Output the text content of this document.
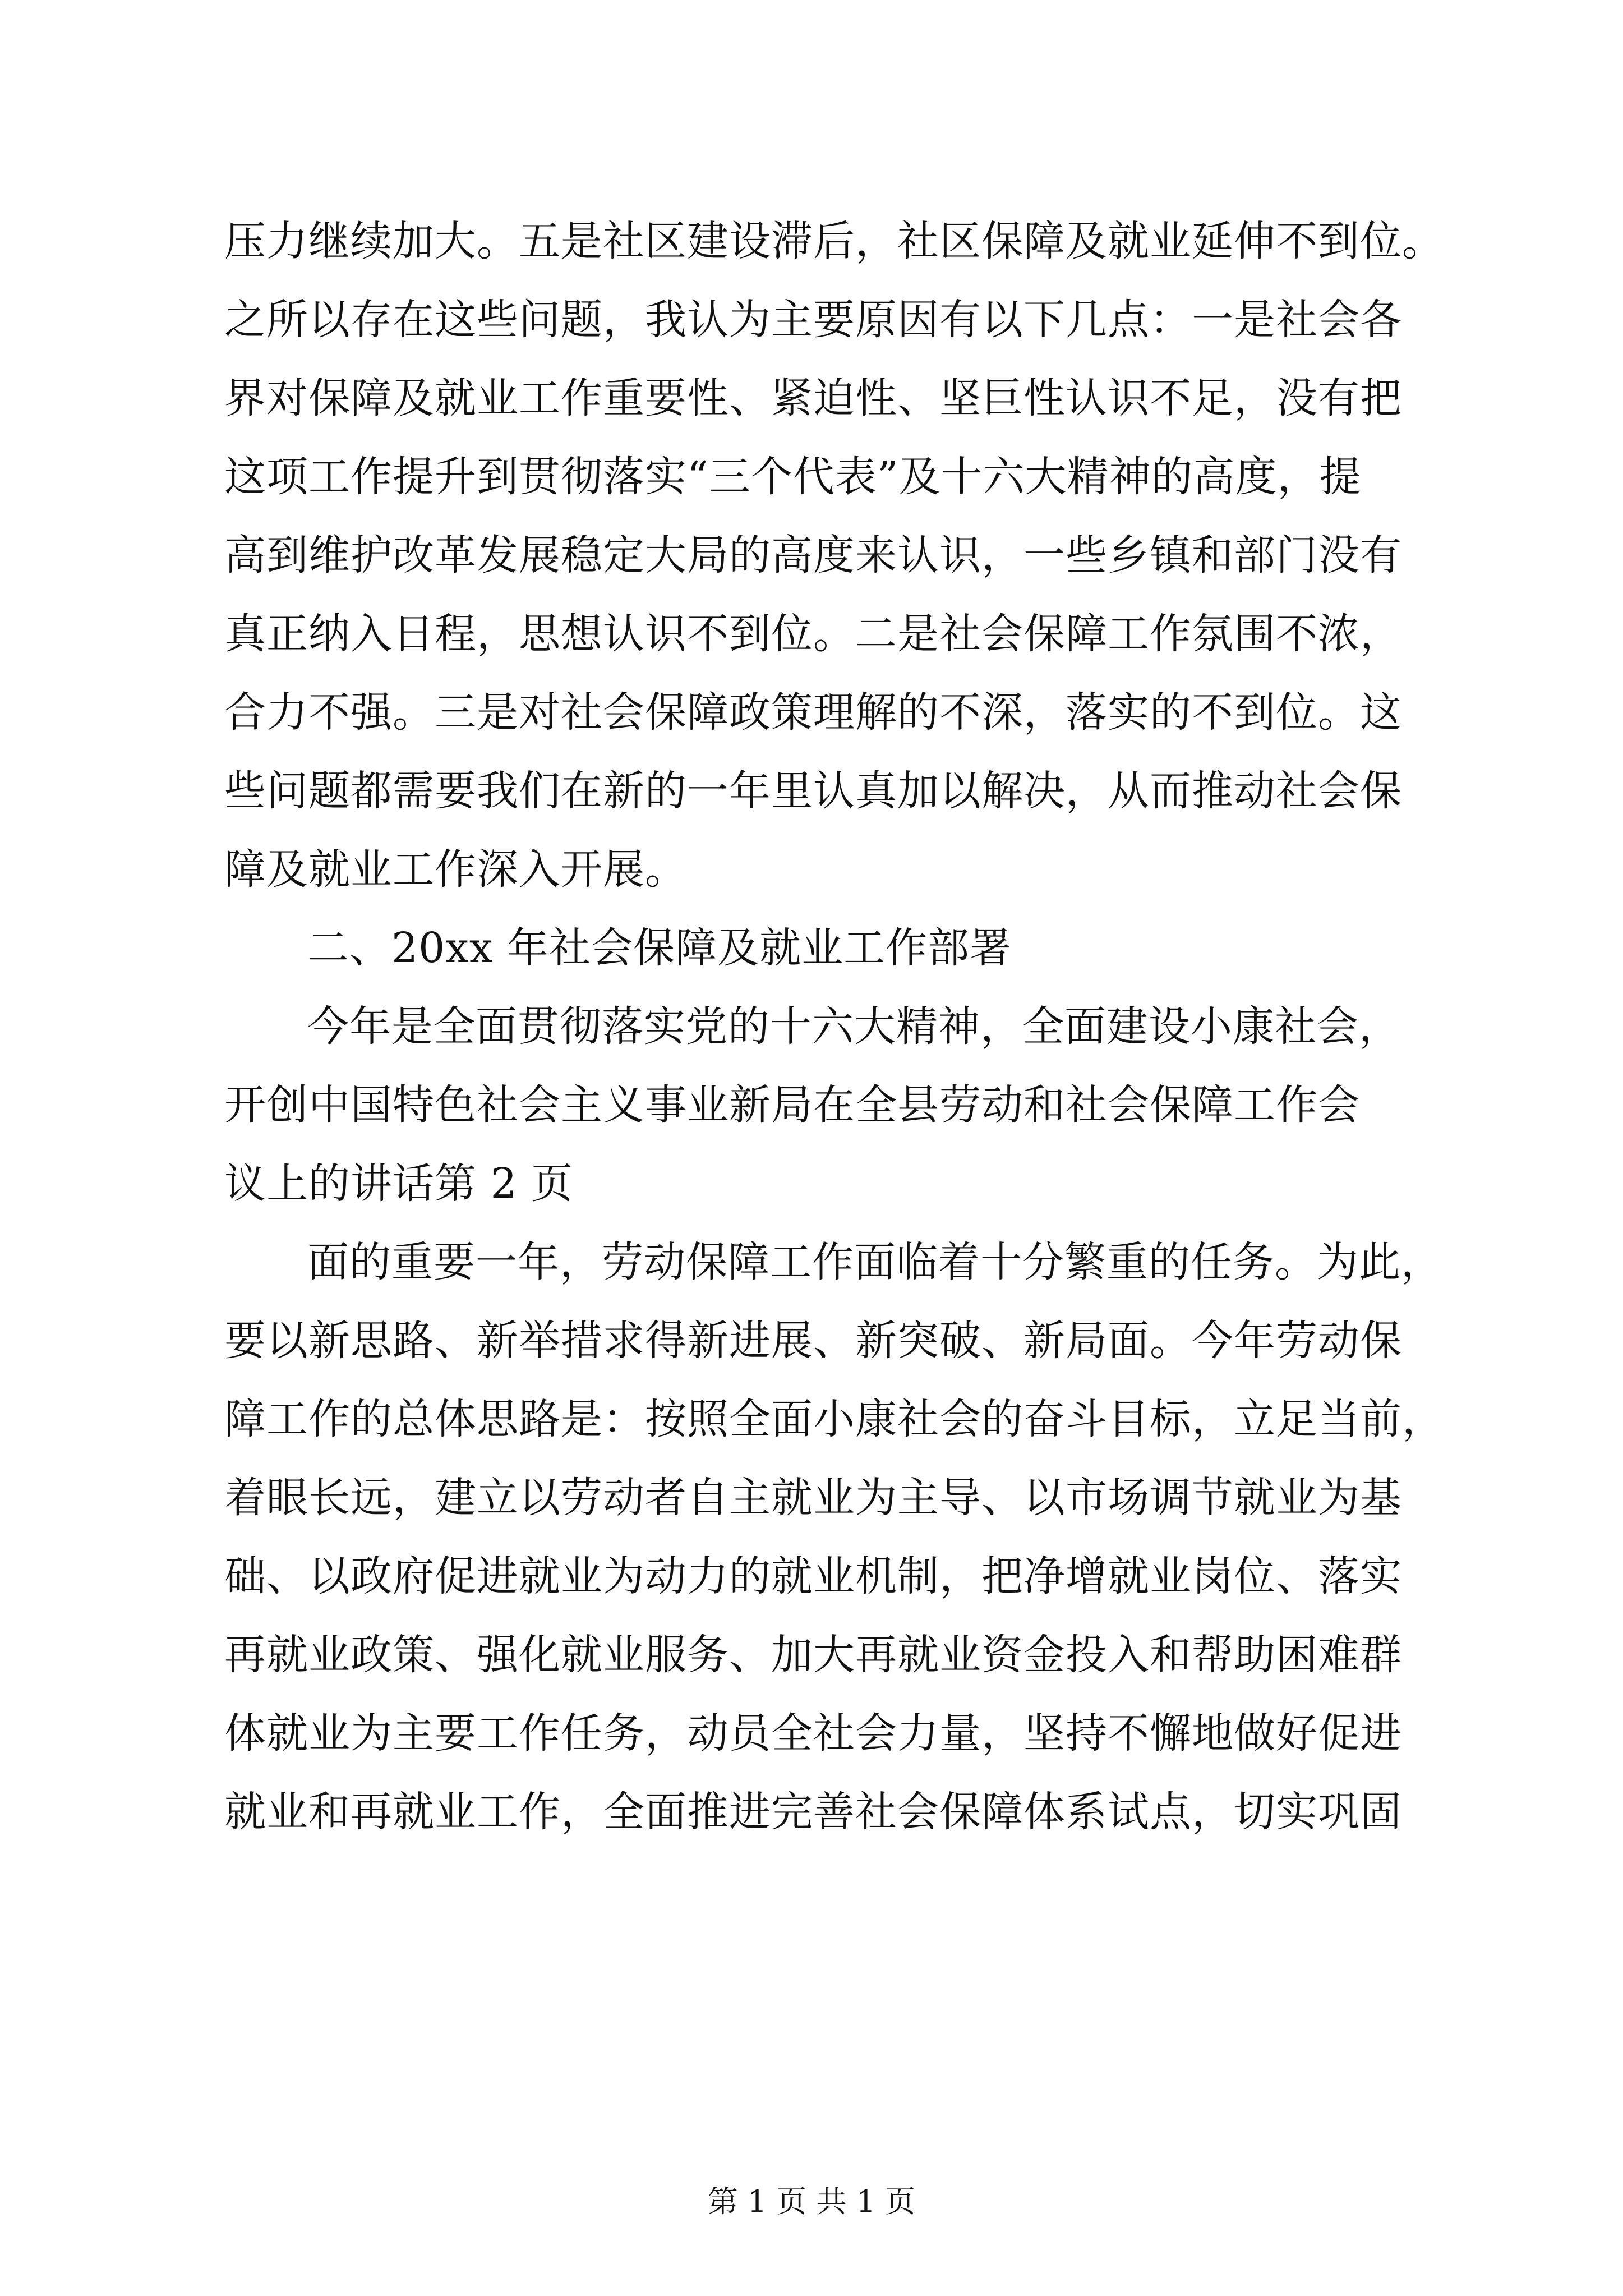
压力继续加大。五是社区建设滞后，社区保障及就业延伸不到位。
之所以存在这些问题，我认为主要原因有以下几点：一是社会各
界对保障及就业工作重要性、紧迫性、坚巨性认识不足，没有把
这项工作提升到贯彻落实“三个代表”及十六大精神的高度，提
高到维护改革发展稳定大局的高度来认识，一些乡镇和部门没有
真正纳入日程，思想认识不到位。二是社会保障工作氛围不浓，
合力不强。三是对社会保障政策理解的不深，落实的不到位。这
些问题都需要我们在新的一年里认真加以解决，从而推动社会保
障及就业工作深入开展。
二、20xx 年社会保障及就业工作部署
今年是全面贯彻落实党的十六大精神，全面建设小康社会，
开创中国特色社会主义事业新局在全县劳动和社会保障工作会
议上的讲话第 2 页
面的重要一年，劳动保障工作面临着十分繁重的任务。为此，
要以新思路、新举措求得新进展、新突破、新局面。今年劳动保
障工作的总体思路是：按照全面小康社会的奋斗目标，立足当前，
着眼长远，建立以劳动者自主就业为主导、以市场调节就业为基
础、以政府促进就业为动力的就业机制，把净增就业岗位、落实
再就业政策、强化就业服务、加大再就业资金投入和帮助困难群
体就业为主要工作任务，动员全社会力量，坚持不懈地做好促进
就业和再就业工作，全面推进完善社会保障体系试点，切实巩固
第 1 页 共 1 页
